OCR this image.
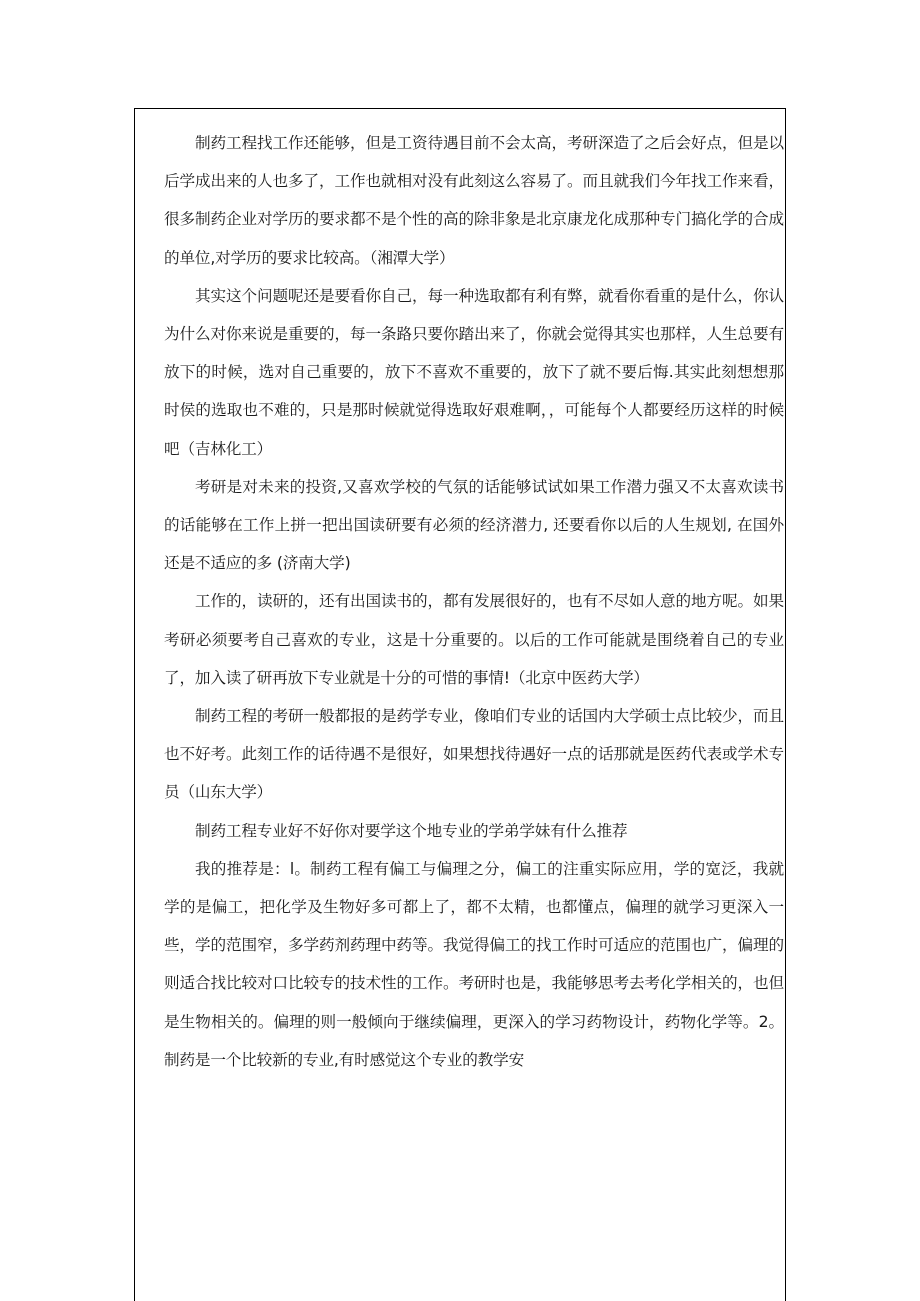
制药工程找工作还能够，但是工资待遇目前不会太高，考研深造了之后会好点，但是以后学成出来的人也多了，工作也就相对没有此刻这么容易了。而且就我们今年找工作来看，很多制药企业对学历的要求都不是个性的高的除非象是北京康龙化成那种专门搞化学的合成的单位,对学历的要求比较高。（湘潭大学）

其实这个问题呢还是要看你自己，每一种选取都有利有弊，就看你看重的是什么，你认为什么对你来说是重要的，每一条路只要你踏出来了，你就会觉得其实也那样，人生总要有放下的时候，选对自己重要的，放下不喜欢不重要的，放下了就不要后悔.其实此刻想想那时侯的选取也不难的，只是那时候就觉得选取好艰难啊，，可能每个人都要经历这样的时候吧（吉林化工）

考研是对未来的投资,又喜欢学校的气氛的话能够试试如果工作潜力强又不太喜欢读书的话能够在工作上拼一把出国读研要有必须的经济潜力, 还要看你以后的人生规划, 在国外还是不适应的多 (济南大学)

工作的，读研的，还有出国读书的，都有发展很好的，也有不尽如人意的地方呢。如果考研必须要考自己喜欢的专业，这是十分重要的。以后的工作可能就是围绕着自己的专业了，加入读了研再放下专业就是十分的可惜的事情!（北京中医药大学）

制药工程的考研一般都报的是药学专业，像咱们专业的话国内大学硕士点比较少，而且也不好考。此刻工作的话待遇不是很好，如果想找待遇好一点的话那就是医药代表或学术专员（山东大学）

制药工程专业好不好你对要学这个地专业的学弟学妹有什么推荐

我的推荐是：l。制药工程有偏工与偏理之分，偏工的注重实际应用，学的宽泛，我就学的是偏工，把化学及生物好多可都上了，都不太精，也都懂点，偏理的就学习更深入一些，学的范围窄，多学药剂药理中药等。我觉得偏工的找工作时可适应的范围也广，偏理的则适合找比较对口比较专的技术性的工作。考研时也是，我能够思考去考化学相关的，也但是生物相关的。偏理的则一般倾向于继续偏理，更深入的学习药物设计，药物化学等。2。制药是一个比较新的专业,有时感觉这个专业的教学安
